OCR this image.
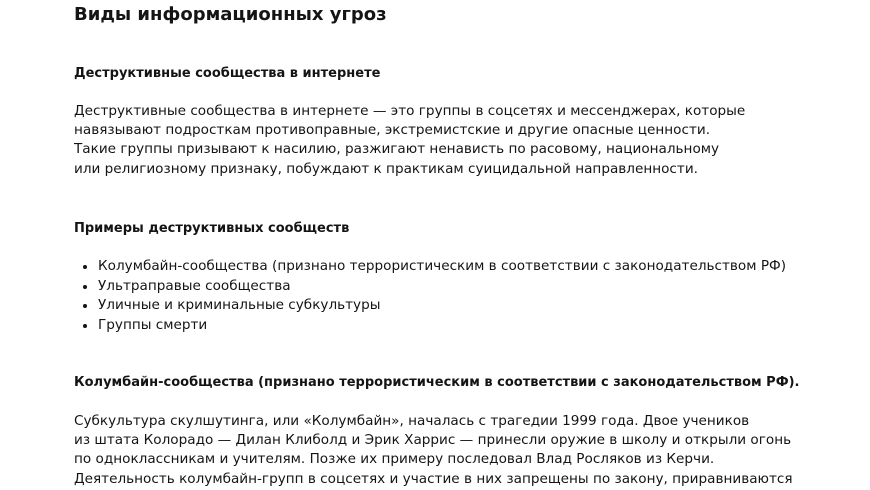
Виды информационных угроз
Деструктивные сообщества в интернете
Деструктивные сообщества в интернете — это группы в соцсетях и мессенджерах, которые
навязывают подросткам противоправные, экстремистские и другие опасные ценности.
Такие группы призывают к насилию, разжигают ненависть по расовому, национальному
или религиозному признаку, побуждают к практикам суицидальной направленности.
Примеры деструктивных сообществ
Колумбайн-сообщества (признано террористическим в соответствии с законодательством РФ)
Ультраправые сообщества
Уличные и криминальные субкультуры
Группы смерти
Колумбайн-сообщества (признано террористическим в соответствии с законодательством РФ).
Субкультура скулшутинга, или «Колумбайн», началась с трагедии 1999 года. Двое учеников
из штата Колорадо — Дилан Клиболд и Эрик Харрис — принесли оружие в школу и открыли огонь
по одноклассникам и учителям. Позже их примеру последовал Влад Росляков из Керчи.
Деятельность колумбайн-групп в соцсетях и участие в них запрещены по закону, приравниваются
